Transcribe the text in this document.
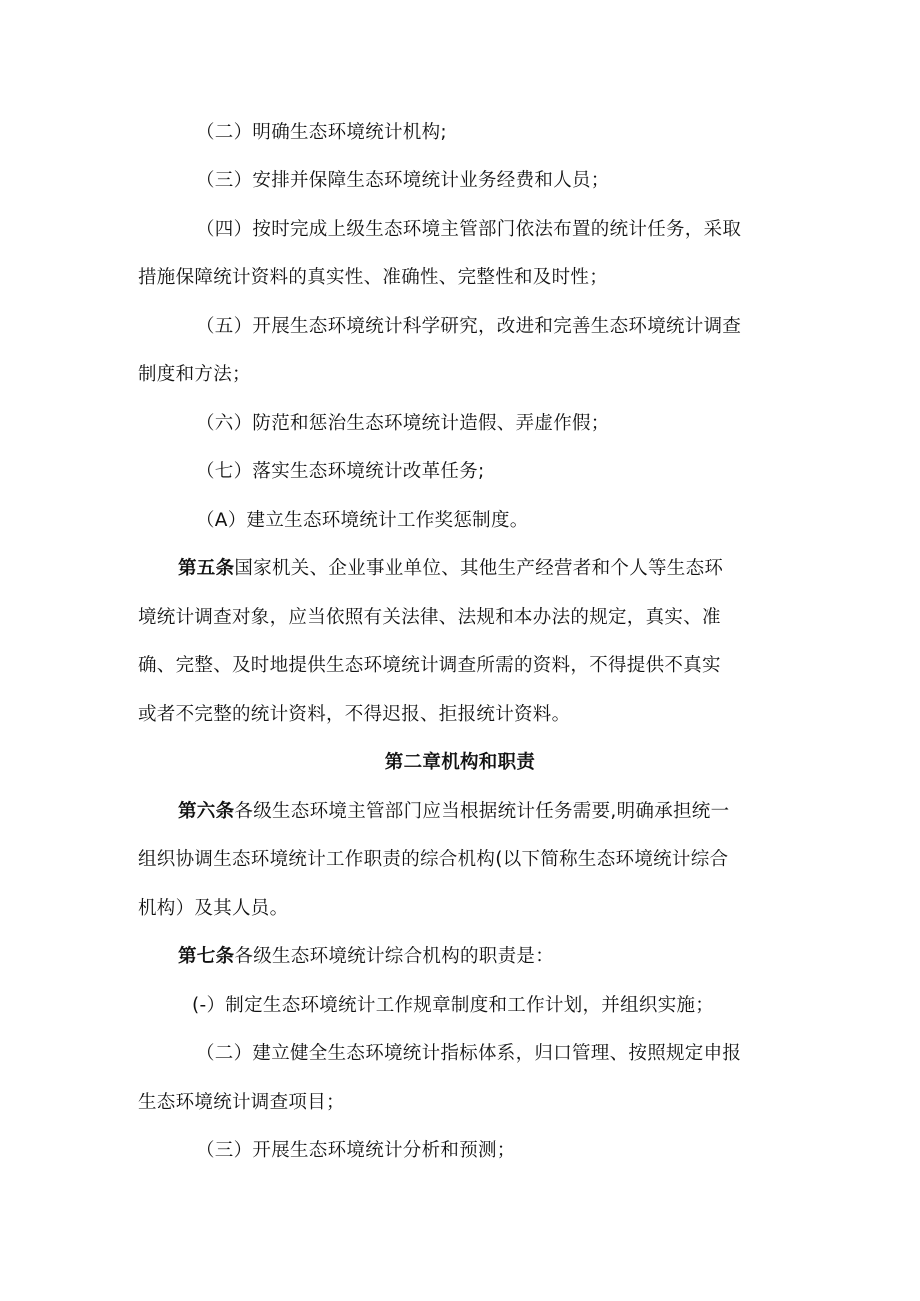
（二）明确生态环境统计机构;
（三）安排并保障生态环境统计业务经费和人员；
（四）按时完成上级生态环境主管部门依法布置的统计任务，采取
措施保障统计资料的真实性、准确性、完整性和及时性；
（五）开展生态环境统计科学研究，改进和完善生态环境统计调查
制度和方法；
（六）防范和惩治生态环境统计造假、弄虚作假；
（七）落实生态环境统计改革任务;
（A）建立生态环境统计工作奖惩制度。
第五条国家机关、企业事业单位、其他生产经营者和个人等生态环
境统计调查对象，应当依照有关法律、法规和本办法的规定，真实、准
确、完整、及时地提供生态环境统计调查所需的资料，不得提供不真实
或者不完整的统计资料，不得迟报、拒报统计资料。
第二章机构和职责
第六条各级生态环境主管部门应当根据统计任务需要,明确承担统一
组织协调生态环境统计工作职责的综合机构(以下简称生态环境统计综合
机构）及其人员。
第七条各级生态环境统计综合机构的职责是：
(-）制定生态环境统计工作规章制度和工作计划，并组织实施；
（二）建立健全生态环境统计指标体系，归口管理、按照规定申报
生态环境统计调查项目；
（三）开展生态环境统计分析和预测；
